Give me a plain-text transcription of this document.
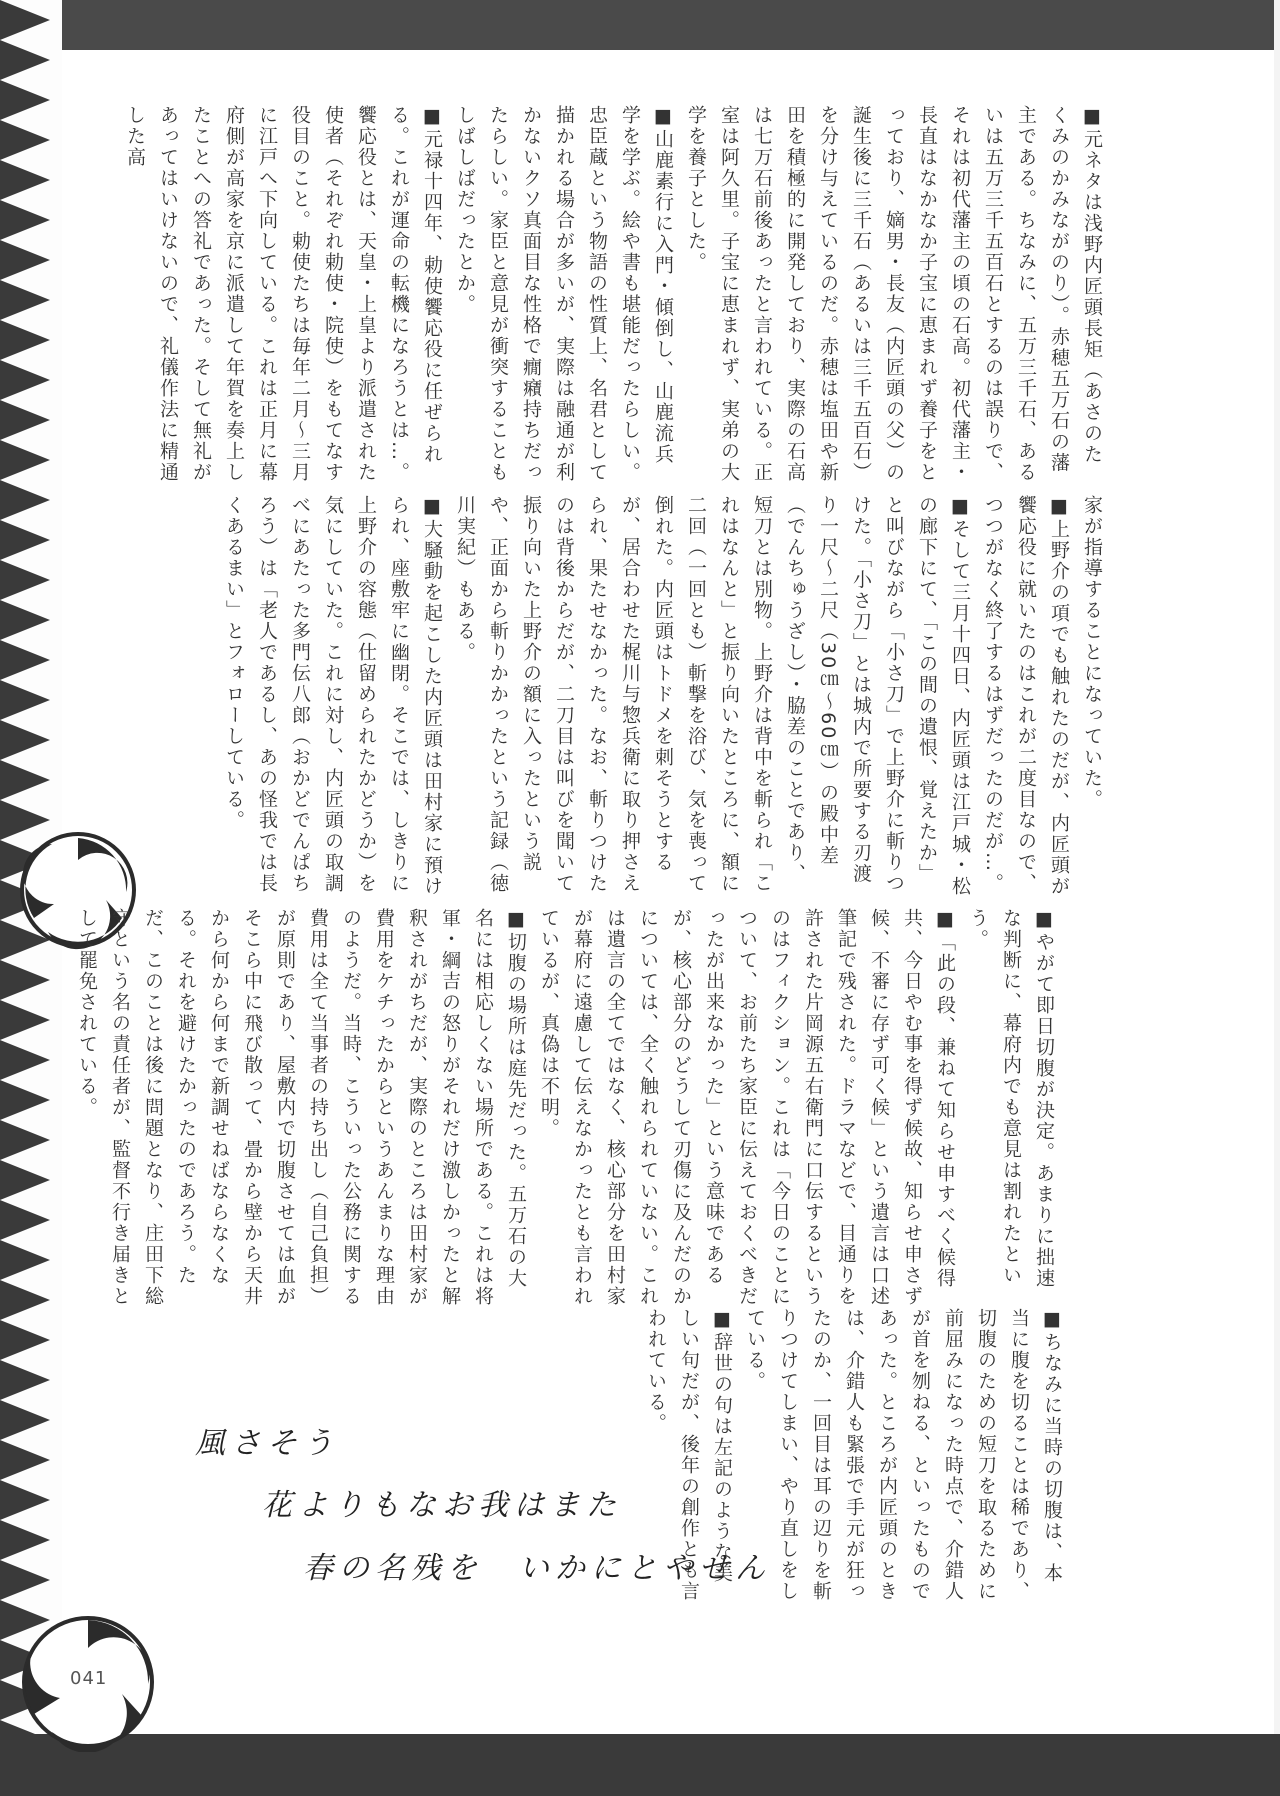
■元ネタは浅野内匠頭長矩（あさのたくみのかみながのり）。赤穂五万石の藩主である。ちなみに、五万三千石、あるいは五万三千五百石とするのは誤りで、それは初代藩主の頃の石高。初代藩主・長直はなかなか子宝に恵まれず養子をとっており、嫡男・長友（内匠頭の父）の誕生後に三千石（あるいは三千五百石）を分け与えているのだ。赤穂は塩田や新田を積極的に開発しており、実際の石高は七万石前後あったと言われている。正室は阿久里。子宝に恵まれず、実弟の大学を養子とした。
■山鹿素行に入門・傾倒し、山鹿流兵学を学ぶ。絵や書も堪能だったらしい。忠臣蔵という物語の性質上、名君として描かれる場合が多いが、実際は融通が利かないクソ真面目な性格で癇癪持ちだったらしい。家臣と意見が衝突することもしばしばだったとか。
■元禄十四年、勅使饗応役に任ぜられる。これが運命の転機になろうとは…。饗応役とは、天皇・上皇より派遣された使者（それぞれ勅使・院使）をもてなす役目のこと。勅使たちは毎年二月〜三月に江戸へ下向している。これは正月に幕府側が高家を京に派遣して年賀を奏上したことへの答礼であった。そして無礼があってはいけないので、礼儀作法に精通した高
家が指導することになっていた。
■上野介の項でも触れたのだが、内匠頭が饗応役に就いたのはこれが二度目なので、つつがなく終了するはずだったのだが…。
■そして三月十四日、内匠頭は江戸城・松の廊下にて、「この間の遺恨、覚えたか」と叫びながら「小さ刀」で上野介に斬りつけた。「小さ刀」とは城内で所要する刃渡り一尺〜二尺（30㎝〜60㎝）の殿中差（でんちゅうざし）・脇差のことであり、短刀とは別物。上野介は背中を斬られ「これはなんと」と振り向いたところに、額に二回（一回とも）斬撃を浴び、気を喪って倒れた。内匠頭はトドメを刺そうとするが、居合わせた梶川与惣兵衛に取り押さえられ、果たせなかった。なお、斬りつけたのは背後からだが、二刀目は叫びを聞いて振り向いた上野介の額に入ったという説や、正面から斬りかかったという記録（徳川実紀）もある。
■大騒動を起こした内匠頭は田村家に預けられ、座敷牢に幽閉。そこでは、しきりに上野介の容態（仕留められたかどうか）を気にしていた。これに対し、内匠頭の取調べにあたった多門伝八郎（おかどでんぱちろう）は「老人であるし、あの怪我では長くあるまい」とフォローしている。
■やがて即日切腹が決定。あまりに拙速な判断に、幕府内でも意見は割れたという。
■「此の段、兼ねて知らせ申すべく候得共、今日やむ事を得ず候故、知らせ申さず候、不審に存ず可く候」という遺言は口述筆記で残された。ドラマなどで、目通りを許された片岡源五右衛門に口伝するというのはフィクション。これは「今日のことについて、お前たち家臣に伝えておくべきだったが出来なかった」という意味であるが、核心部分のどうして刃傷に及んだのかについては、全く触れられていない。これは遺言の全てではなく、核心部分を田村家が幕府に遠慮して伝えなかったとも言われているが、真偽は不明。
■切腹の場所は庭先だった。五万石の大名には相応しくない場所である。これは将軍・綱吉の怒りがそれだけ激しかったと解釈されがちだが、実際のところは田村家が費用をケチったからというあんまりな理由のようだ。当時、こういった公務に関する費用は全て当事者の持ち出し（自己負担）が原則であり、屋敷内で切腹させては血がそこら中に飛び散って、畳から壁から天井から何から何まで新調せねばならなくなる。それを避けたかったのであろう。ただ、このことは後に問題となり、庄田下総守という名の責任者が、監督不行き届きとして罷免されている。
■ちなみに当時の切腹は、本当に腹を切ることは稀であり、切腹のための短刀を取るために前屈みになった時点で、介錯人が首を刎ねる、といったものであった。ところが内匠頭のときは、介錯人も緊張で手元が狂ったのか、一回目は耳の辺りを斬りつけてしまい、やり直しをしている。
■辞世の句は左記のような美しい句だが、後年の創作とも言われている。
風さそう
花よりもなお我はまた
春の名残を　いかにとやせん
041
